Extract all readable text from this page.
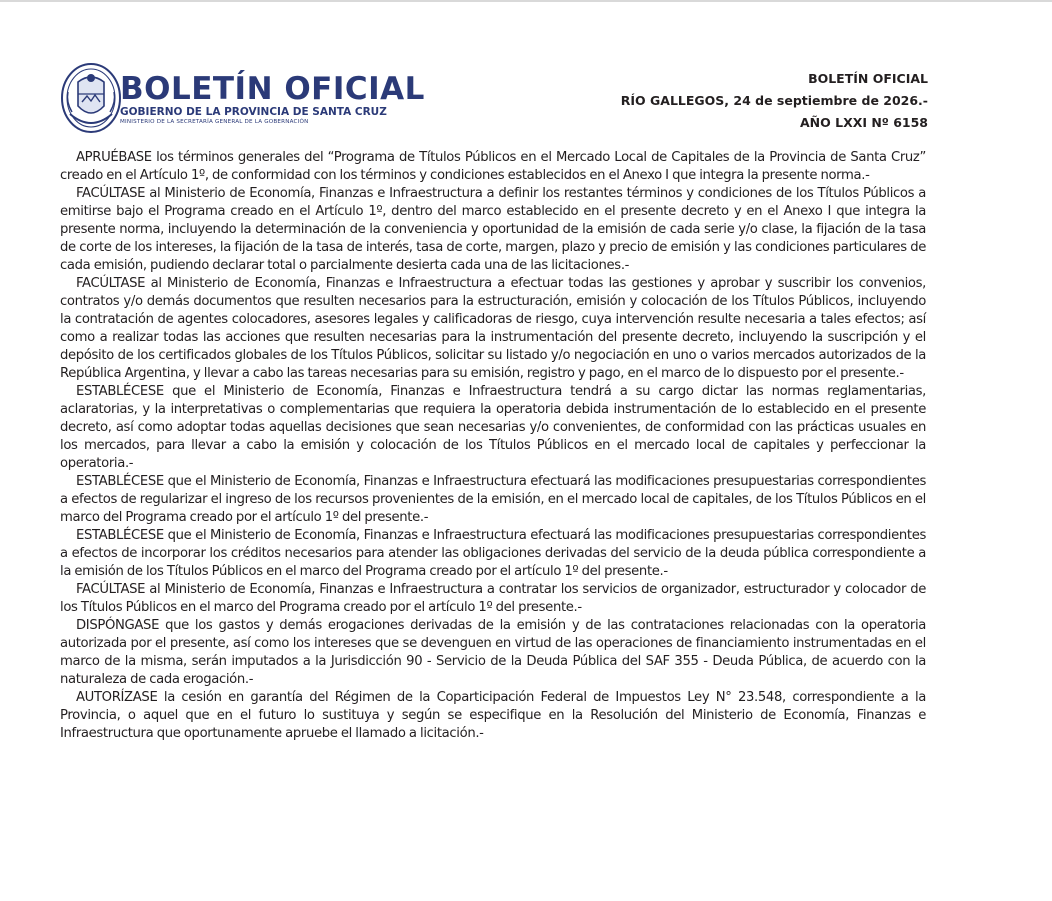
BOLETÍN OFICIAL
GOBIERNO DE LA PROVINCIA DE SANTA CRUZ
MINISTERIO DE LA SECRETARÍA GENERAL DE LA GOBERNACIÓN
BOLETÍN OFICIAL
RÍO GALLEGOS, 24 de septiembre de 2026.-
AÑO LXXI Nº 6158

APRUÉBASE los términos generales del “Programa de Títulos Públicos en el Mercado Local de Capitales de la Provincia de Santa Cruz” creado en el Artículo 1º, de conformidad con los términos y condiciones establecidos en el Anexo I que integra la presente norma.-

FACÚLTASE al Ministerio de Economía, Finanzas e Infraestructura a definir los restantes términos y condiciones de los Títulos Públicos a emitirse bajo el Programa creado en el Artículo 1º, dentro del marco establecido en el presente decreto y en el Anexo I que integra la presente norma, incluyendo la determinación de la conveniencia y oportunidad de la emisión de cada serie y/o clase, la fijación de la tasa de corte de los intereses, la fijación de la tasa de interés, tasa de corte, margen, plazo y precio de emisión y las condiciones particulares de cada emisión, pudiendo declarar total o parcialmente desierta cada una de las licitaciones.-

FACÚLTASE al Ministerio de Economía, Finanzas e Infraestructura a efectuar todas las gestiones y aprobar y suscribir los convenios, contratos y/o demás documentos que resulten necesarios para la estructuración, emisión y colocación de los Títulos Públicos, incluyendo la contratación de agentes colocadores, asesores legales y calificadoras de riesgo, cuya intervención resulte necesaria a tales efectos; así como a realizar todas las acciones que resulten necesarias para la instrumentación del presente decreto, incluyendo la suscripción y el depósito de los certificados globales de los Títulos Públicos, solicitar su listado y/o negociación en uno o varios mercados autorizados de la República Argentina, y llevar a cabo las tareas necesarias para su emisión, registro y pago, en el marco de lo dispuesto por el presente.-

ESTABLÉCESE que el Ministerio de Economía, Finanzas e Infraestructura tendrá a su cargo dictar las normas reglamentarias, aclaratorias, y la interpretativas o complementarias que requiera la operatoria debida instrumentación de lo establecido en el presente decreto, así como adoptar todas aquellas decisiones que sean necesarias y/o convenientes, de conformidad con las prácticas usuales en los mercados, para llevar a cabo la emisión y colocación de los Títulos Públicos en el mercado local de capitales y perfeccionar la operatoria.-

ESTABLÉCESE que el Ministerio de Economía, Finanzas e Infraestructura efectuará las modificaciones presupuestarias correspondientes a efectos de regularizar el ingreso de los recursos provenientes de la emisión, en el mercado local de capitales, de los Títulos Públicos en el marco del Programa creado por el artículo 1º del presente.-

ESTABLÉCESE que el Ministerio de Economía, Finanzas e Infraestructura efectuará las modificaciones presupuestarias correspondientes a efectos de incorporar los créditos necesarios para atender las obligaciones derivadas del servicio de la deuda pública correspondiente a la emisión de los Títulos Públicos en el marco del Programa creado por el artículo 1º del presente.-

FACÚLTASE al Ministerio de Economía, Finanzas e Infraestructura a contratar los servicios de organizador, estructurador y colocador de los Títulos Públicos en el marco del Programa creado por el artículo 1º del presente.-

DISPÓNGASE que los gastos y demás erogaciones derivadas de la emisión y de las contrataciones relacionadas con la operatoria autorizada por el presente, así como los intereses que se devenguen en virtud de las operaciones de financiamiento instrumentadas en el marco de la misma, serán imputados a la Jurisdicción 90 - Servicio de la Deuda Pública del SAF 355 - Deuda Pública, de acuerdo con la naturaleza de cada erogación.-

AUTORÍZASE la cesión en garantía del Régimen de la Coparticipación Federal de Impuestos Ley N° 23.548, correspondiente a la Provincia, o aquel que en el futuro lo sustituya y según se especifique en la Resolución del Ministerio de Economía, Finanzas e Infraestructura que oportunamente apruebe el llamado a licitación.-
